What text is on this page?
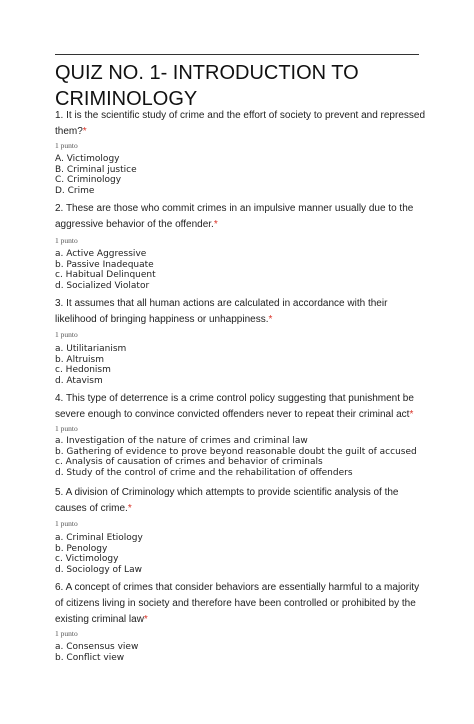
QUIZ NO. 1- INTRODUCTION TO CRIMINOLOGY
1. It is the scientific study of crime and the effort of society to prevent and repressed them?*
1 punto
A. Victimology
B. Criminal justice
C. Criminology
D. Crime
2. These are those who commit crimes in an impulsive manner usually due to the aggressive behavior of the offender.*
1 punto
a. Active Aggressive
b. Passive Inadequate
c. Habitual Delinquent
d. Socialized Violator
3. It assumes that all human actions are calculated in accordance with their likelihood of bringing happiness or unhappiness.*
1 punto
a. Utilitarianism
b. Altruism
c. Hedonism
d. Atavism
4. This type of deterrence is a crime control policy suggesting that punishment be severe enough to convince convicted offenders never to repeat their criminal act*
1 punto
a. Investigation of the nature of crimes and criminal law
b. Gathering of evidence to prove beyond reasonable doubt the guilt of accused
c. Analysis of causation of crimes and behavior of criminals
d. Study of the control of crime and the rehabilitation of offenders
5. A division of Criminology which attempts to provide scientific analysis of the causes of crime.*
1 punto
a. Criminal Etiology
b. Penology
c. Victimology
d. Sociology of Law
6. A concept of crimes that consider behaviors are essentially harmful to a majority of citizens living in society and therefore have been controlled or prohibited by the existing criminal law*
1 punto
a. Consensus view
b. Conflict view
